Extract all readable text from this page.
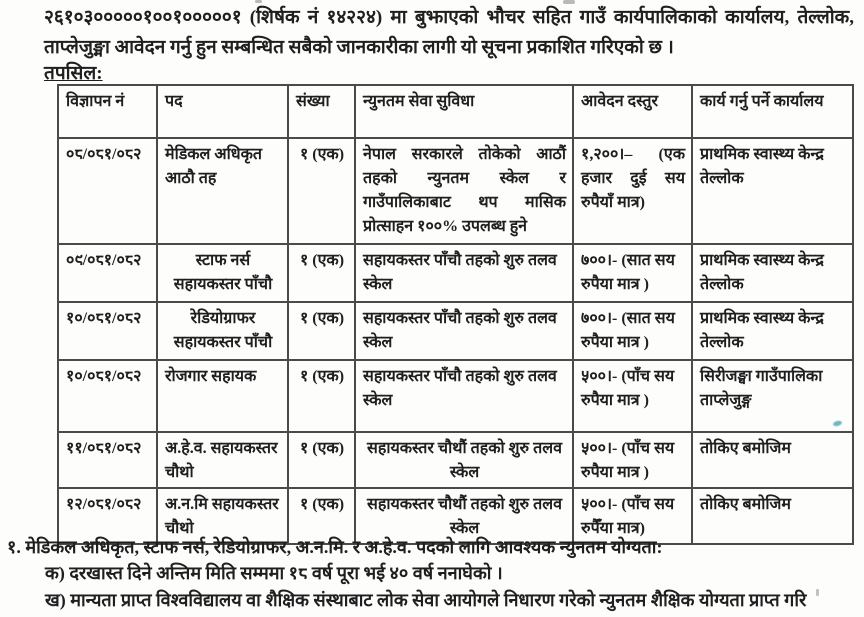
२६१०३०००००१००१०००००१ (शिर्षक नं १४२२४) मा बुझाएको भौचर सहित गाउँ कार्यपालिकाको कार्यालय, तेल्लोक,

ताप्लेजुङ्मा आवेदन गर्नु हुन सम्बन्धित सबैको जानकारीका लागी यो सूचना प्रकाशित गरिएको छ ।

तपसिल:
विज्ञापन नं	पद	संख्या	न्युनतम सेवा सुविधा	आवेदन दस्तुर	कार्य गर्नु पर्ने कार्यालय
०८/०८१/०८२	मेडिकल अधिकृत आठौ तह	१ (एक)	नेपाल सरकारले तोकेको आठौं तहको न्युनतम स्केल र गाउँपालिकाबाट थप मासिक प्रोत्साहन १००% उपलब्ध हुने	१,२००।– (एक हजार दुई सय रुपैयाँ मात्र)	प्राथमिक स्वास्थ्य केन्द्र तेल्लोक
०९/०८१/०८२	स्टाफ नर्स सहायकस्तर पाँचौ	१ (एक)	सहायकस्तर पाँचौ तहको शुरु तलव स्केल	७००।- (सात सय रुपैया मात्र )	प्राथमिक स्वास्थ्य केन्द्र तेल्लोक
१०/०८१/०८२	रेडियोग्राफर सहायकस्तर पाँचौ	१ (एक)	सहायकस्तर पाँचौ तहको शुरु तलव स्केल	७००।- (सात सय रुपैया मात्र )	प्राथमिक स्वास्थ्य केन्द्र तेल्लोक
१०/०८१/०८२	रोजगार सहायक	१ (एक)	सहायकस्तर पाँचौ तहको शुरु तलव स्केल	५००।- (पाँच सय रुपैया मात्र )	सिरीजङ्घा गाउँपालिका ताप्लेजुङ्ग
११/०८१/०८२	अ.हे.व. सहायकस्तर चौथो	१ (एक)	सहायकस्तर चौथौं तहको शुरु तलव स्केल	५००।- (पाँच सय रुपैया मात्र )	तोकिए बमोजिम
१२/०८१/०८२	अ.न.मि सहायकस्तर चौथो	१ (एक)	सहायकस्तर चौथौं तहको शुरु तलव स्केल	५००।- (पाँच सय रुपैँया मात्र)	तोकिए बमोजिम

१. मेडिकल अधिकृत, स्टाफ नर्स, रेडियोग्राफर, अ.न.मि. र अ.हे.व. पदको लागि आवश्यक न्युनतम योग्यता:

क) दरखास्त दिने अन्तिम मिति सम्ममा १८ वर्ष पूरा भई ४० वर्ष ननाघेको ।

ख) मान्यता प्राप्त विश्वविद्यालय वा शैक्षिक संस्थाबाट लोक सेवा आयोगले निधारण गरेको न्युनतम शैक्षिक योग्यता प्राप्त गरि
